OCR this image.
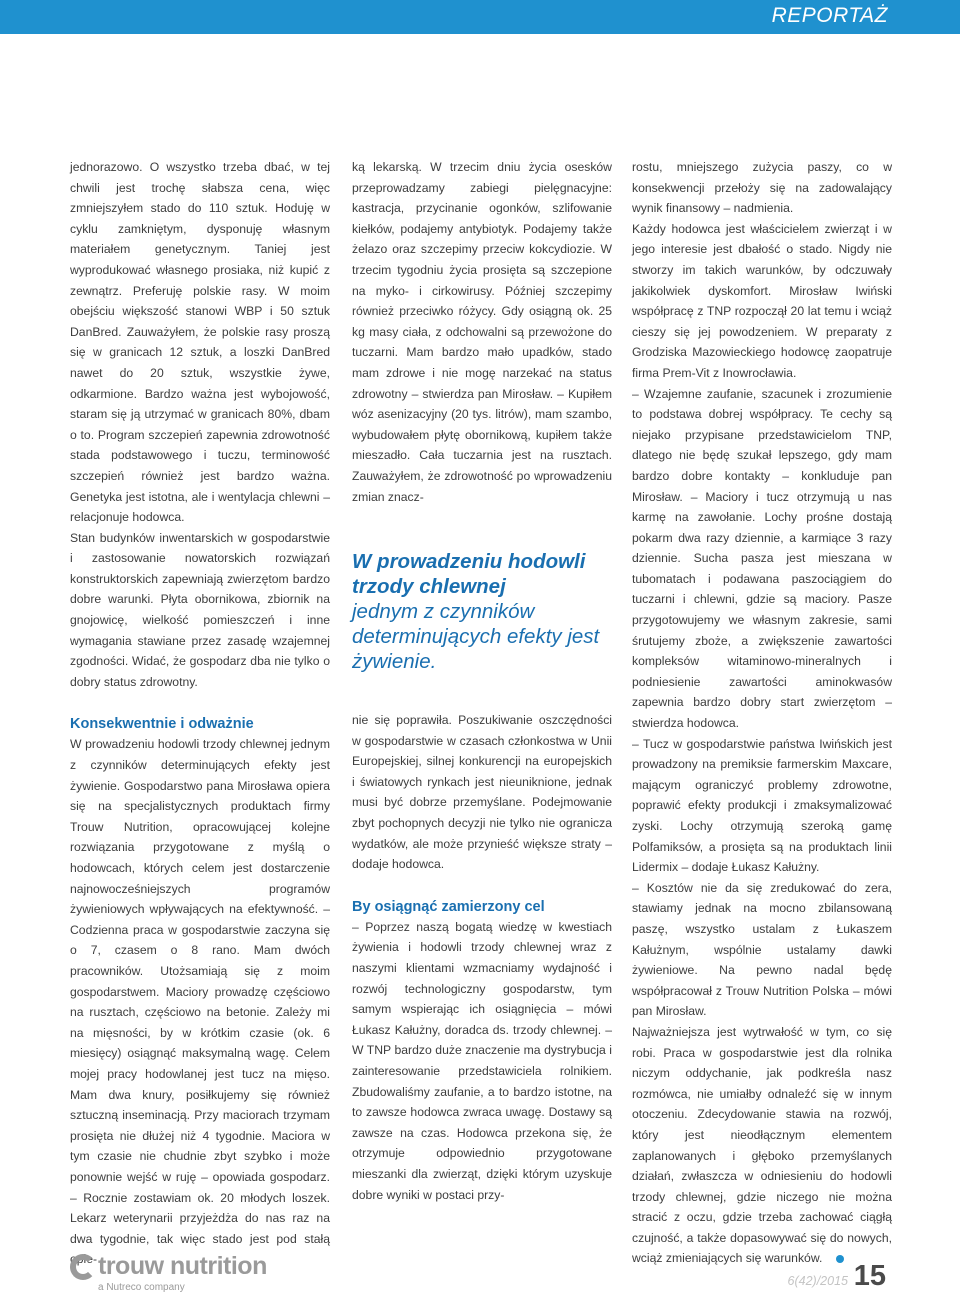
REPORTAŻ

jednorazowo. O wszystko trzeba dbać, w tej chwili jest trochę słabsza cena, więc zmniejszyłem stado do 110 sztuk. Hoduję w cyklu zamkniętym, dysponuję własnym materiałem genetycznym. Taniej jest wyprodukować własnego prosiaka, niż kupić z zewnątrz. Preferuję polskie rasy. W moim obejściu większość stanowi WBP i 50 sztuk DanBred. Zauważyłem, że polskie rasy proszą się w granicach 12 sztuk, a loszki DanBred nawet do 20 sztuk, wszystkie żywe, odkarmione. Bardzo ważna jest wybojowość, staram się ją utrzymać w granicach 80%, dbam o to. Program szczepień zapewnia zdrowotność stada podstawowego i tuczu, terminowość szczepień również jest bardzo ważna. Genetyka jest istotna, ale i wentylacja chlewni – relacjonuje hodowca.

Stan budynków inwentarskich w gospodarstwie i zastosowanie nowatorskich rozwiązań konstruktorskich zapewniają zwierzętom bardzo dobre warunki. Płyta obornikowa, zbiornik na gnojowicę, wielkość pomieszczeń i inne wymagania stawiane przez zasadę wzajemnej zgodności. Widać, że gospodarz dba nie tylko o dobry status zdrowotny.

Konsekwentnie i odważnie

W prowadzeniu hodowli trzody chlewnej jednym z czynników determinujących efekty jest żywienie. Gospodarstwo pana Mirosława opiera się na specjalistycznych produktach firmy Trouw Nutrition, opracowującej kolejne rozwiązania przygotowane z myślą o hodowcach, których celem jest dostarczenie najnowocześniejszych programów żywieniowych wpływających na efektywność. – Codzienna praca w gospodarstwie zaczyna się o 7, czasem o 8 rano. Mam dwóch pracowników. Utożsamiają się z moim gospodarstwem. Maciory prowadzę częściowo na rusztach, częściowo na betonie. Zależy mi na mięsności, by w krótkim czasie (ok. 6 miesięcy) osiągnąć maksymalną wagę. Celem mojej pracy hodowlanej jest tucz na mięso. Mam dwa knury, posiłkujemy się również sztuczną inseminacją. Przy maciorach trzymam prosięta nie dłużej niż 4 tygodnie. Maciora w tym czasie nie chudnie zbyt szybko i może ponownie wejść w ruję – opowiada gospodarz. – Rocznie zostawiam ok. 20 młodych loszek. Lekarz weterynarii przyjeżdża do nas raz na dwa tygodnie, tak więc stado jest pod stałą opie-

ką lekarską. W trzecim dniu życia osesków przeprowadzamy zabiegi pielęgnacyjne: kastracja, przycinanie ogonków, szlifowanie kiełków, podajemy antybiotyk. Podajemy także żelazo oraz szczepimy przeciw kokcydiozie. W trzecim tygodniu życia prosięta są szczepione na myko- i cirkowirusy. Później szczepimy również przeciwko różycy. Gdy osiągną ok. 25 kg masy ciała, z odchowalni są przewożone do tuczarni. Mam bardzo mało upadków, stado mam zdrowe i nie mogę narzekać na status zdrowotny – stwierdza pan Mirosław. – Kupiłem wóz asenizacyjny (20 tys. litrów), mam szambo, wybudowałem płytę obornikową, kupiłem także mieszadło. Cała tuczarnia jest na rusztach. Zauważyłem, że zdrowotność po wprowadzeniu zmian znacz-

W prowadzeniu hodowli trzody chlewnej
jednym z czynników determinujących efekty jest żywienie.

nie się poprawiła. Poszukiwanie oszczędności w gospodarstwie w czasach członkostwa w Unii Europejskiej, silnej konkurencji na europejskich i światowych rynkach jest nieuniknione, jednak musi być dobrze przemyślane. Podejmowanie zbyt pochopnych decyzji nie tylko nie ogranicza wydatków, ale może przynieść większe straty – dodaje hodowca.

By osiągnąć zamierzony cel

– Poprzez naszą bogatą wiedzę w kwestiach żywienia i hodowli trzody chlewnej wraz z naszymi klientami wzmacniamy wydajność i rozwój technologiczny gospodarstw, tym samym wspierając ich osiągnięcia – mówi Łukasz Kałużny, doradca ds. trzody chlewnej. – W TNP bardzo duże znaczenie ma dystrybucja i zainteresowanie przedstawiciela rolnikiem. Zbudowaliśmy zaufanie, a to bardzo istotne, na to zawsze hodowca zwraca uwagę. Dostawy są zawsze na czas. Hodowca przekona się, że otrzymuje odpowiednio przygotowane mieszanki dla zwierząt, dzięki którym uzyskuje dobre wyniki w postaci przy-

rostu, mniejszego zużycia paszy, co w konsekwencji przełoży się na zadowalający wynik finansowy – nadmienia.

Każdy hodowca jest właścicielem zwierząt i w jego interesie jest dbałość o stado. Nigdy nie stworzy im takich warunków, by odczuwały jakikolwiek dyskomfort. Mirosław Iwiński współpracę z TNP rozpoczął 20 lat temu i wciąż cieszy się jej powodzeniem. W preparaty z Grodziska Mazowieckiego hodowcę zaopatruje firma Prem-Vit z Inowrocławia.

– Wzajemne zaufanie, szacunek i zrozumienie to podstawa dobrej współpracy. Te cechy są niejako przypisane przedstawicielom TNP, dlatego nie będę szukał lepszego, gdy mam bardzo dobre kontakty – konkluduje pan Mirosław. – Maciory i tucz otrzymują u nas karmę na zawołanie. Lochy prośne dostają pokarm dwa razy dziennie, a karmiące 3 razy dziennie. Sucha pasza jest mieszana w tubomatach i podawana paszociągiem do tuczarni i chlewni, gdzie są maciory. Pasze przygotowujemy we własnym zakresie, sami śrutujemy zboże, a zwiększenie zawartości kompleksów witaminowo-mineralnych i podniesienie zawartości aminokwasów zapewnia bardzo dobry start zwierzętom – stwierdza hodowca.

– Tucz w gospodarstwie państwa Iwińskich jest prowadzony na premiksie farmerskim Maxcare, mającym ograniczyć problemy zdrowotne, poprawić efekty produkcji i zmaksymalizować zyski. Lochy otrzymują szeroką gamę Polfamiksów, a prosięta są na produktach linii Lidermix – dodaje Łukasz Kałużny.

– Kosztów nie da się zredukować do zera, stawiamy jednak na mocno zbilansowaną paszę, wszystko ustalam z Łukaszem Kałużnym, wspólnie ustalamy dawki żywieniowe. Na pewno nadal będę współpracował z Trouw Nutrition Polska – mówi pan Mirosław.

Najważniejsza jest wytrwałość w tym, co się robi. Praca w gospodarstwie jest dla rolnika niczym oddychanie, jak podkreśla nasz rozmówca, nie umiałby odnaleźć się w innym otoczeniu. Zdecydowanie stawia na rozwój, który jest nieodłącznym elementem zaplanowanych i głęboko przemyślanych działań, zwłaszcza w odniesieniu do hodowli trzody chlewnej, gdzie niczego nie można stracić z oczu, gdzie trzeba zachować ciągłą czujność, a także dopasowywać się do nowych, wciąż zmieniających się warunków.

trouw nutrition
a Nutreco company	6(42)/2015 15
